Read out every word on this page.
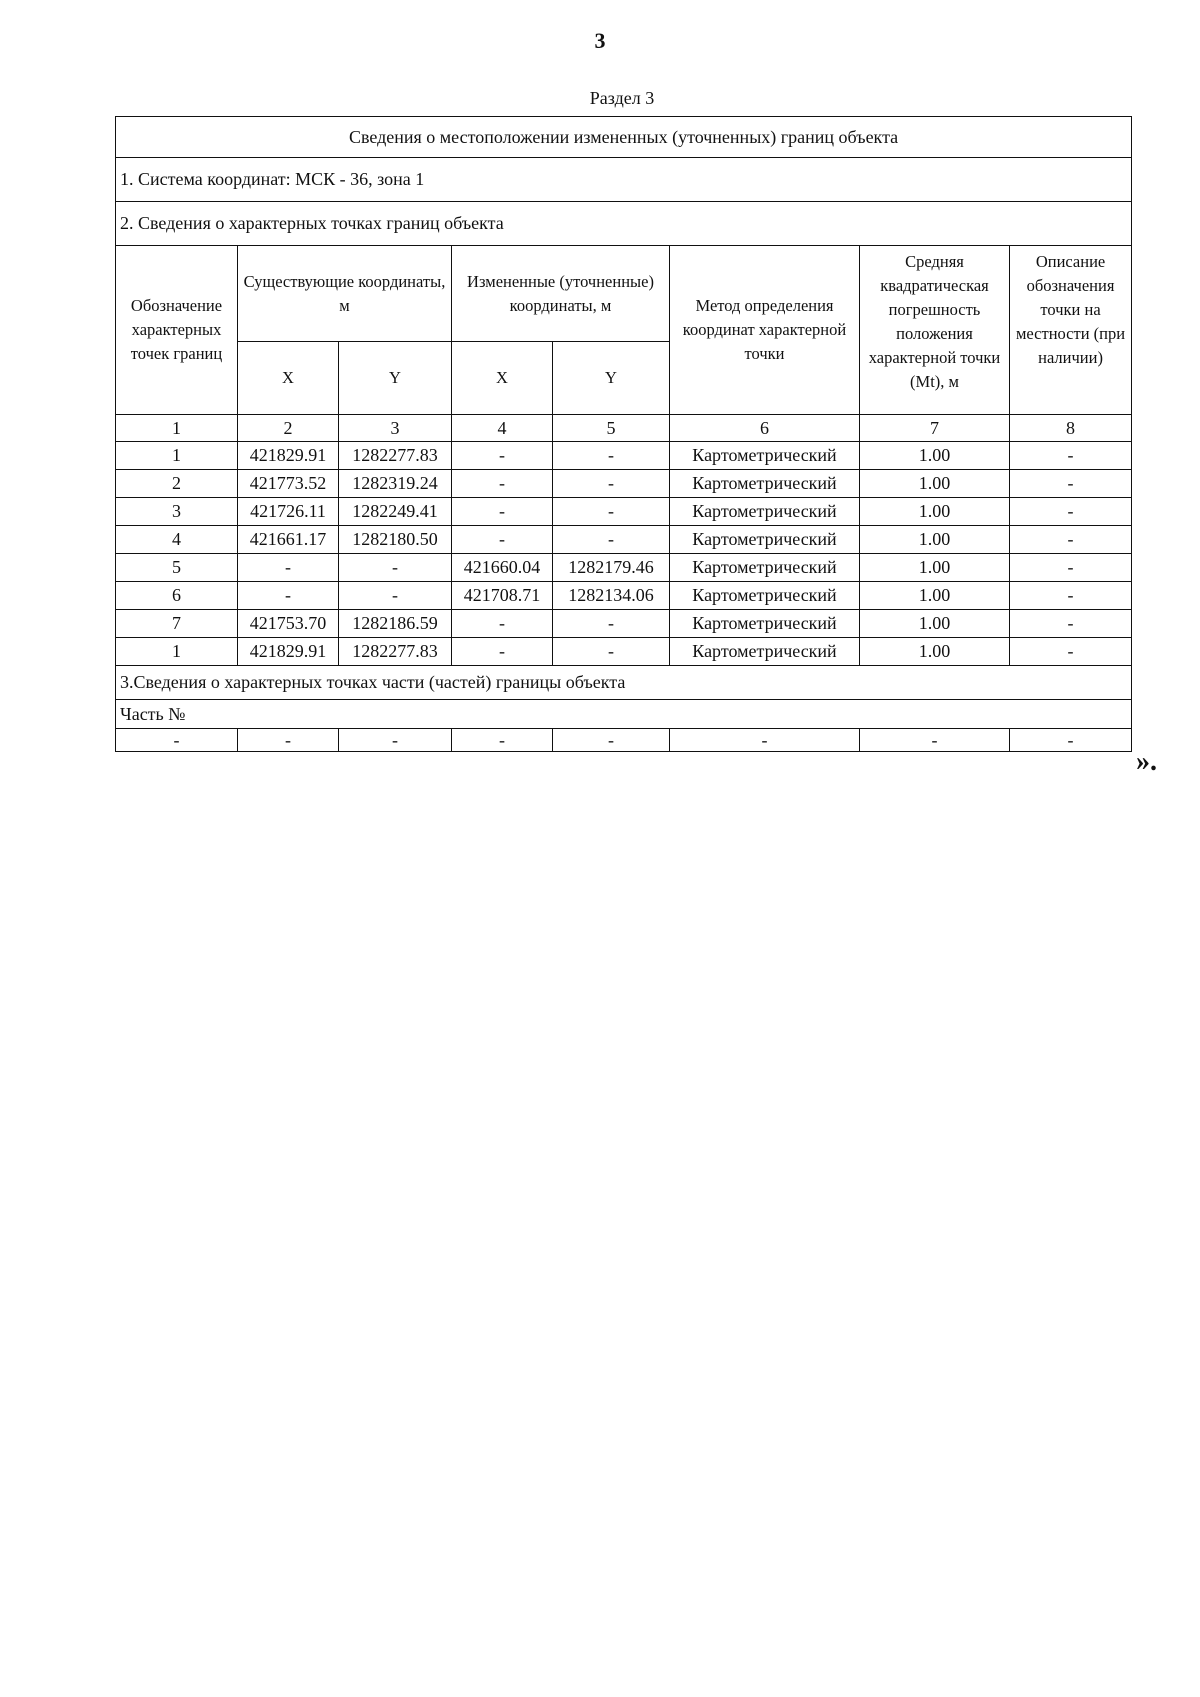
3
Раздел 3
Сведения о местоположении измененных (уточненных) границ объекта							
1. Система координат: МСК - 36, зона 1							
2. Сведения о характерных точках границ объекта							
Обозначение характерных точек границ	Существующие координаты, м		Измененные (уточненные) координаты, м		Метод определения координат характерной точки	Средняя квадратическая погрешность положения характерной точки (Mt), м	Описание обозначения точки на местности (при наличии)
	X	Y	X	Y			
1	2	3	4	5	6	7	8
1	421829.91	1282277.83	-	-	Картометрический	1.00	-
2	421773.52	1282319.24	-	-	Картометрический	1.00	-
3	421726.11	1282249.41	-	-	Картометрический	1.00	-
4	421661.17	1282180.50	-	-	Картометрический	1.00	-
5	-	-	421660.04	1282179.46	Картометрический	1.00	-
6	-	-	421708.71	1282134.06	Картометрический	1.00	-
7	421753.70	1282186.59	-	-	Картометрический	1.00	-
1	421829.91	1282277.83	-	-	Картометрический	1.00	-
3.Сведения о характерных точках части (частей) границы объекта							
Часть №							
-	-	-	-	-	-	-	-
».
